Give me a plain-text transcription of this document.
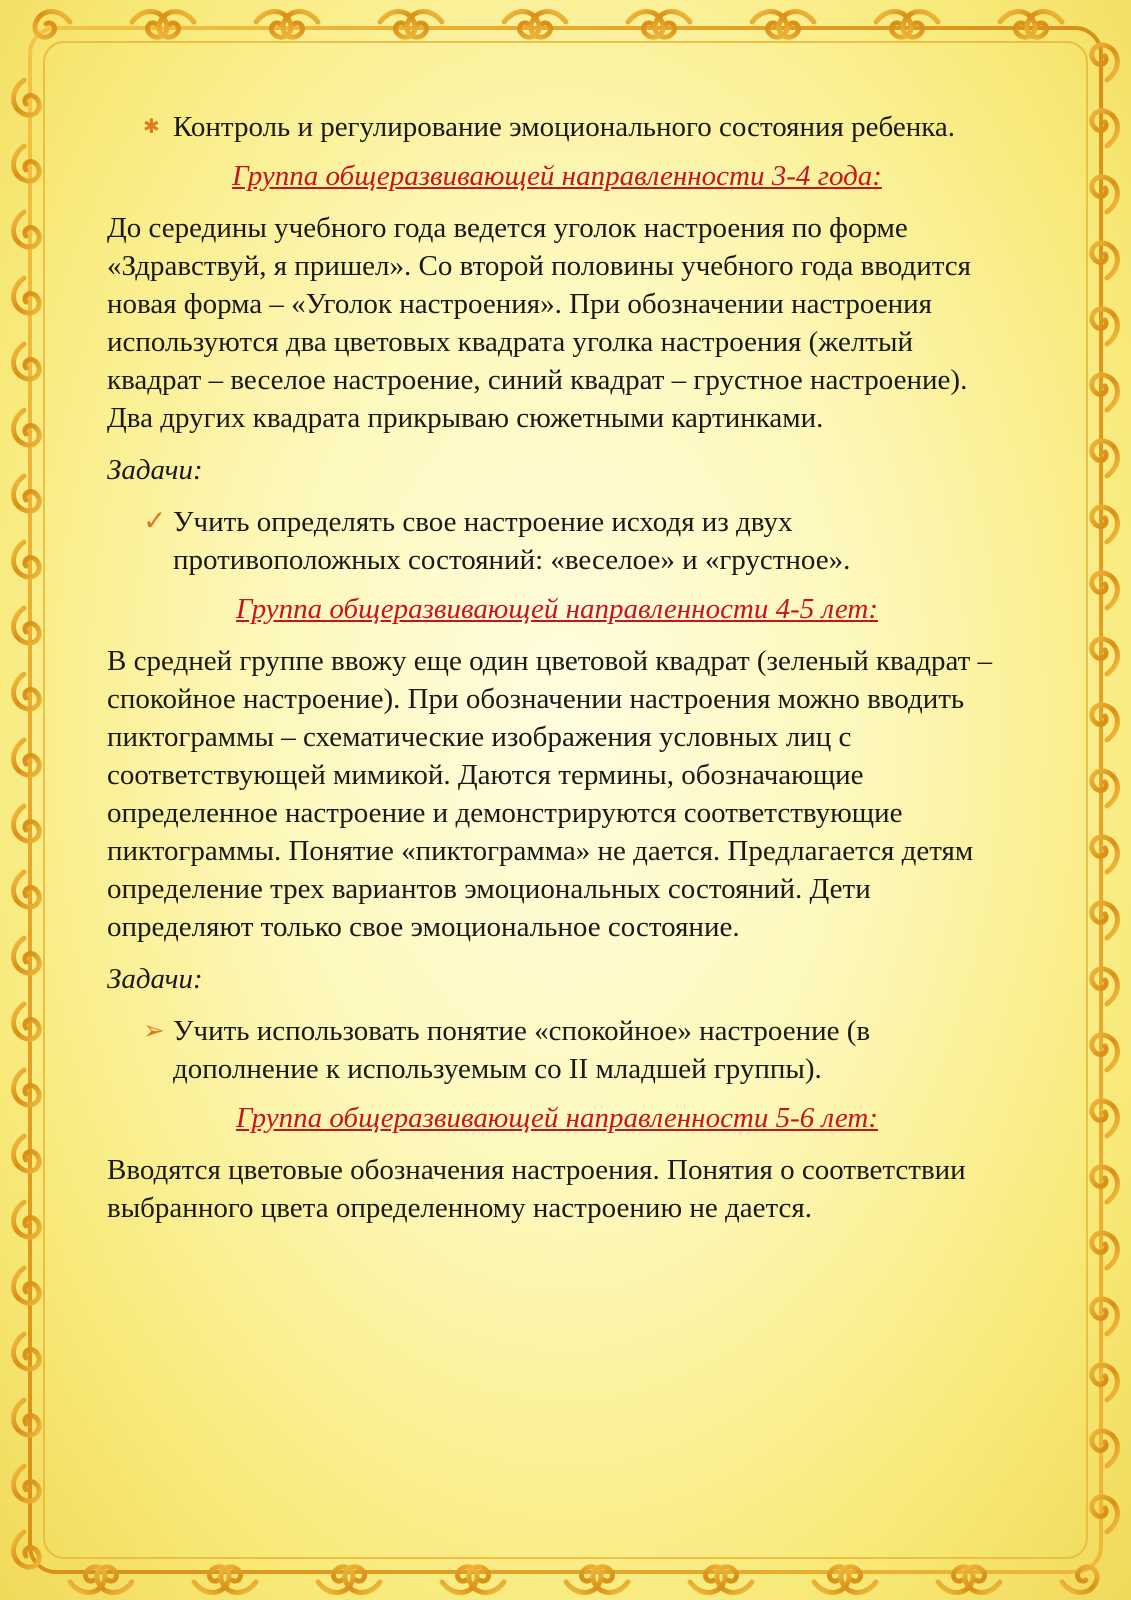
✱ Контроль и регулирование эмоционального состояния ребенка.
Группа общеразвивающей направленности 3-4 года:
До середины учебного года ведется уголок настроения по форме «Здравствуй, я пришел». Со второй половины учебного года вводится новая форма – «Уголок настроения». При обозначении настроения используются два цветовых квадрата уголка настроения (желтый квадрат – веселое настроение, синий квадрат – грустное настроение). Два других квадрата прикрываю сюжетными картинками.
Задачи:
✓ Учить определять свое настроение исходя из двух противоположных состояний: «веселое» и «грустное».
Группа общеразвивающей направленности 4-5 лет:
В средней группе ввожу еще один цветовой квадрат (зеленый квадрат – спокойное настроение). При обозначении настроения можно вводить пиктограммы – схематические изображения условных лиц с соответствующей мимикой. Даются термины, обозначающие определенное настроение и демонстрируются соответствующие пиктограммы. Понятие «пиктограмма» не дается. Предлагается детям определение трех вариантов эмоциональных состояний. Дети определяют только свое эмоциональное состояние.
Задачи:
➢ Учить использовать понятие «спокойное» настроение (в дополнение к используемым со II младшей группы).
Группа общеразвивающей направленности 5-6 лет:
Вводятся цветовые обозначения настроения. Понятия о соответствии выбранного цвета определенному настроению не дается.
